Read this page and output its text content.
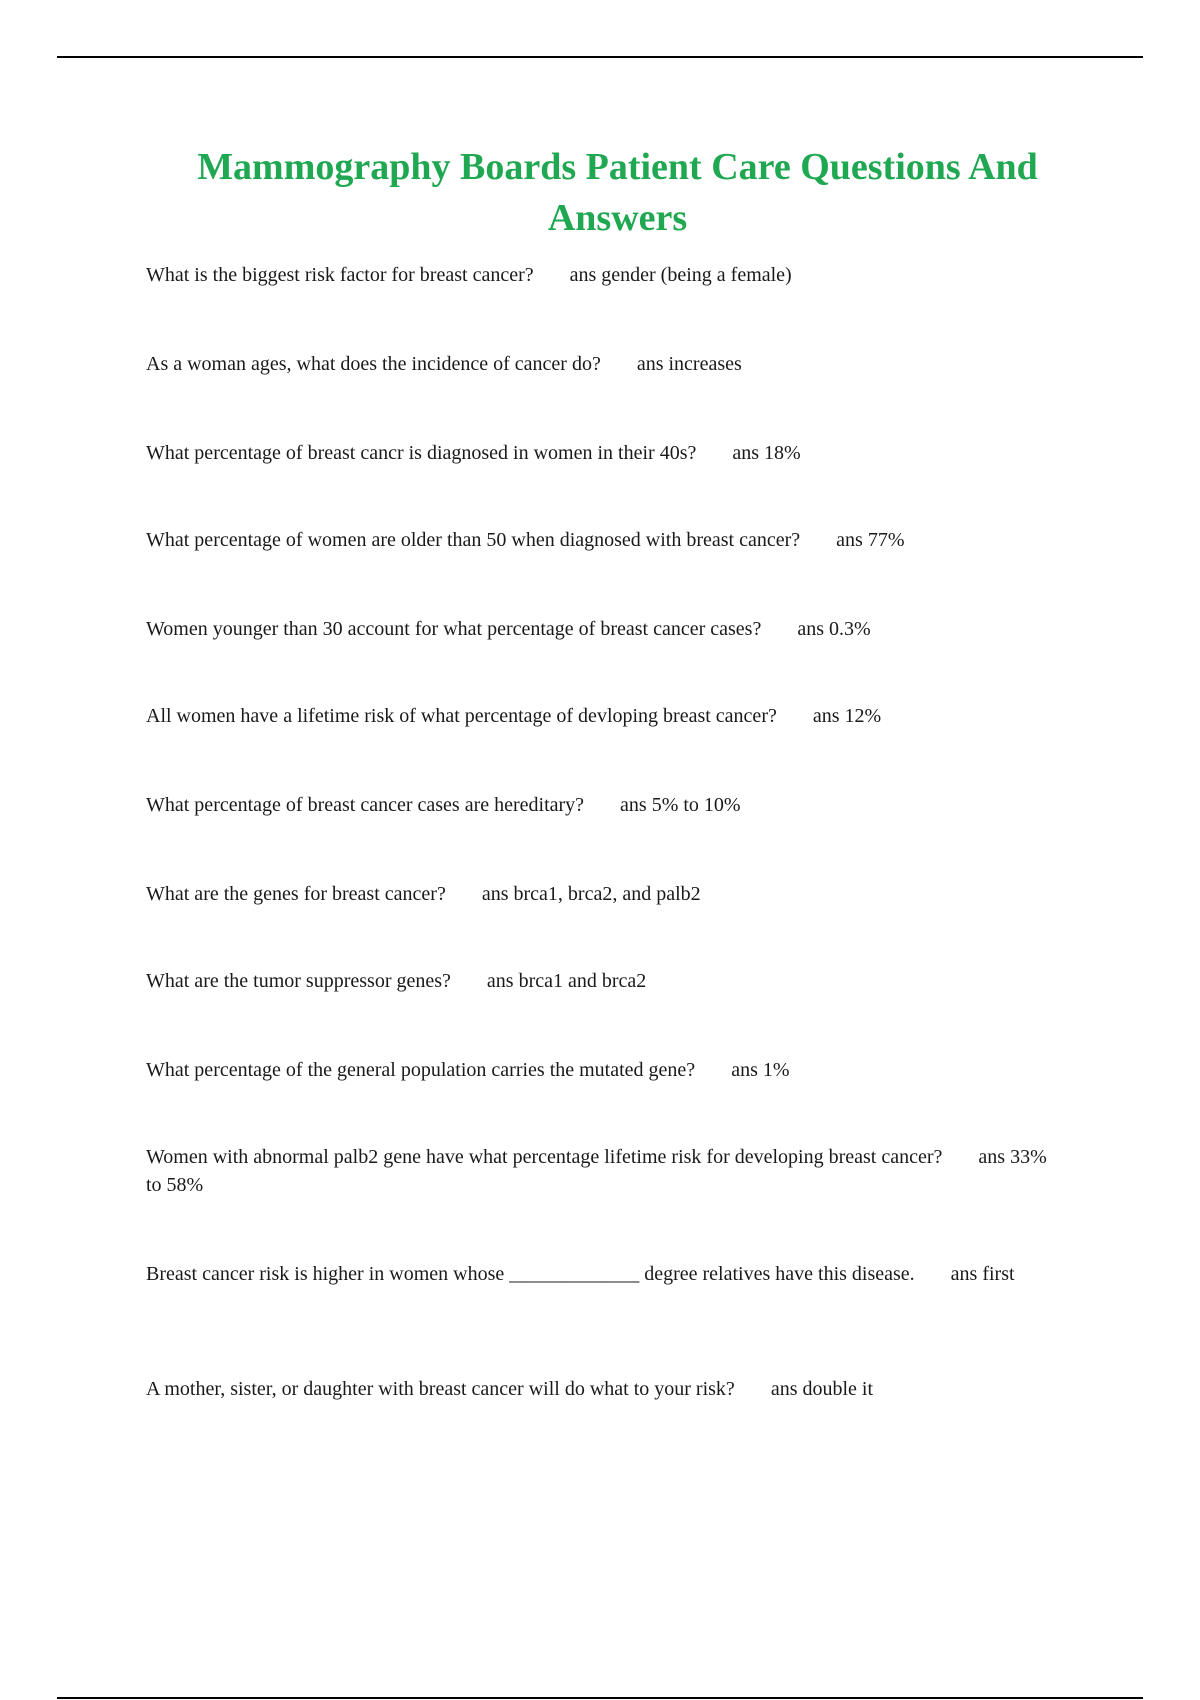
Mammography Boards Patient Care Questions And Answers
What is the biggest risk factor for breast cancer? ans gender (being a female)
As a woman ages, what does the incidence of cancer do? ans increases
What percentage of breast cancr is diagnosed in women in their 40s? ans 18%
What percentage of women are older than 50 when diagnosed with breast cancer? ans 77%
Women younger than 30 account for what percentage of breast cancer cases? ans 0.3%
All women have a lifetime risk of what percentage of devloping breast cancer? ans 12%
What percentage of breast cancer cases are hereditary? ans 5% to 10%
What are the genes for breast cancer? ans brca1, brca2, and palb2
What are the tumor suppressor genes? ans brca1 and brca2
What percentage of the general population carries the mutated gene? ans 1%
Women with abnormal palb2 gene have what percentage lifetime risk for developing breast cancer? ans 33% to 58%
Breast cancer risk is higher in women whose _____________ degree relatives have this disease. ans first
A mother, sister, or daughter with breast cancer will do what to your risk? ans double it
